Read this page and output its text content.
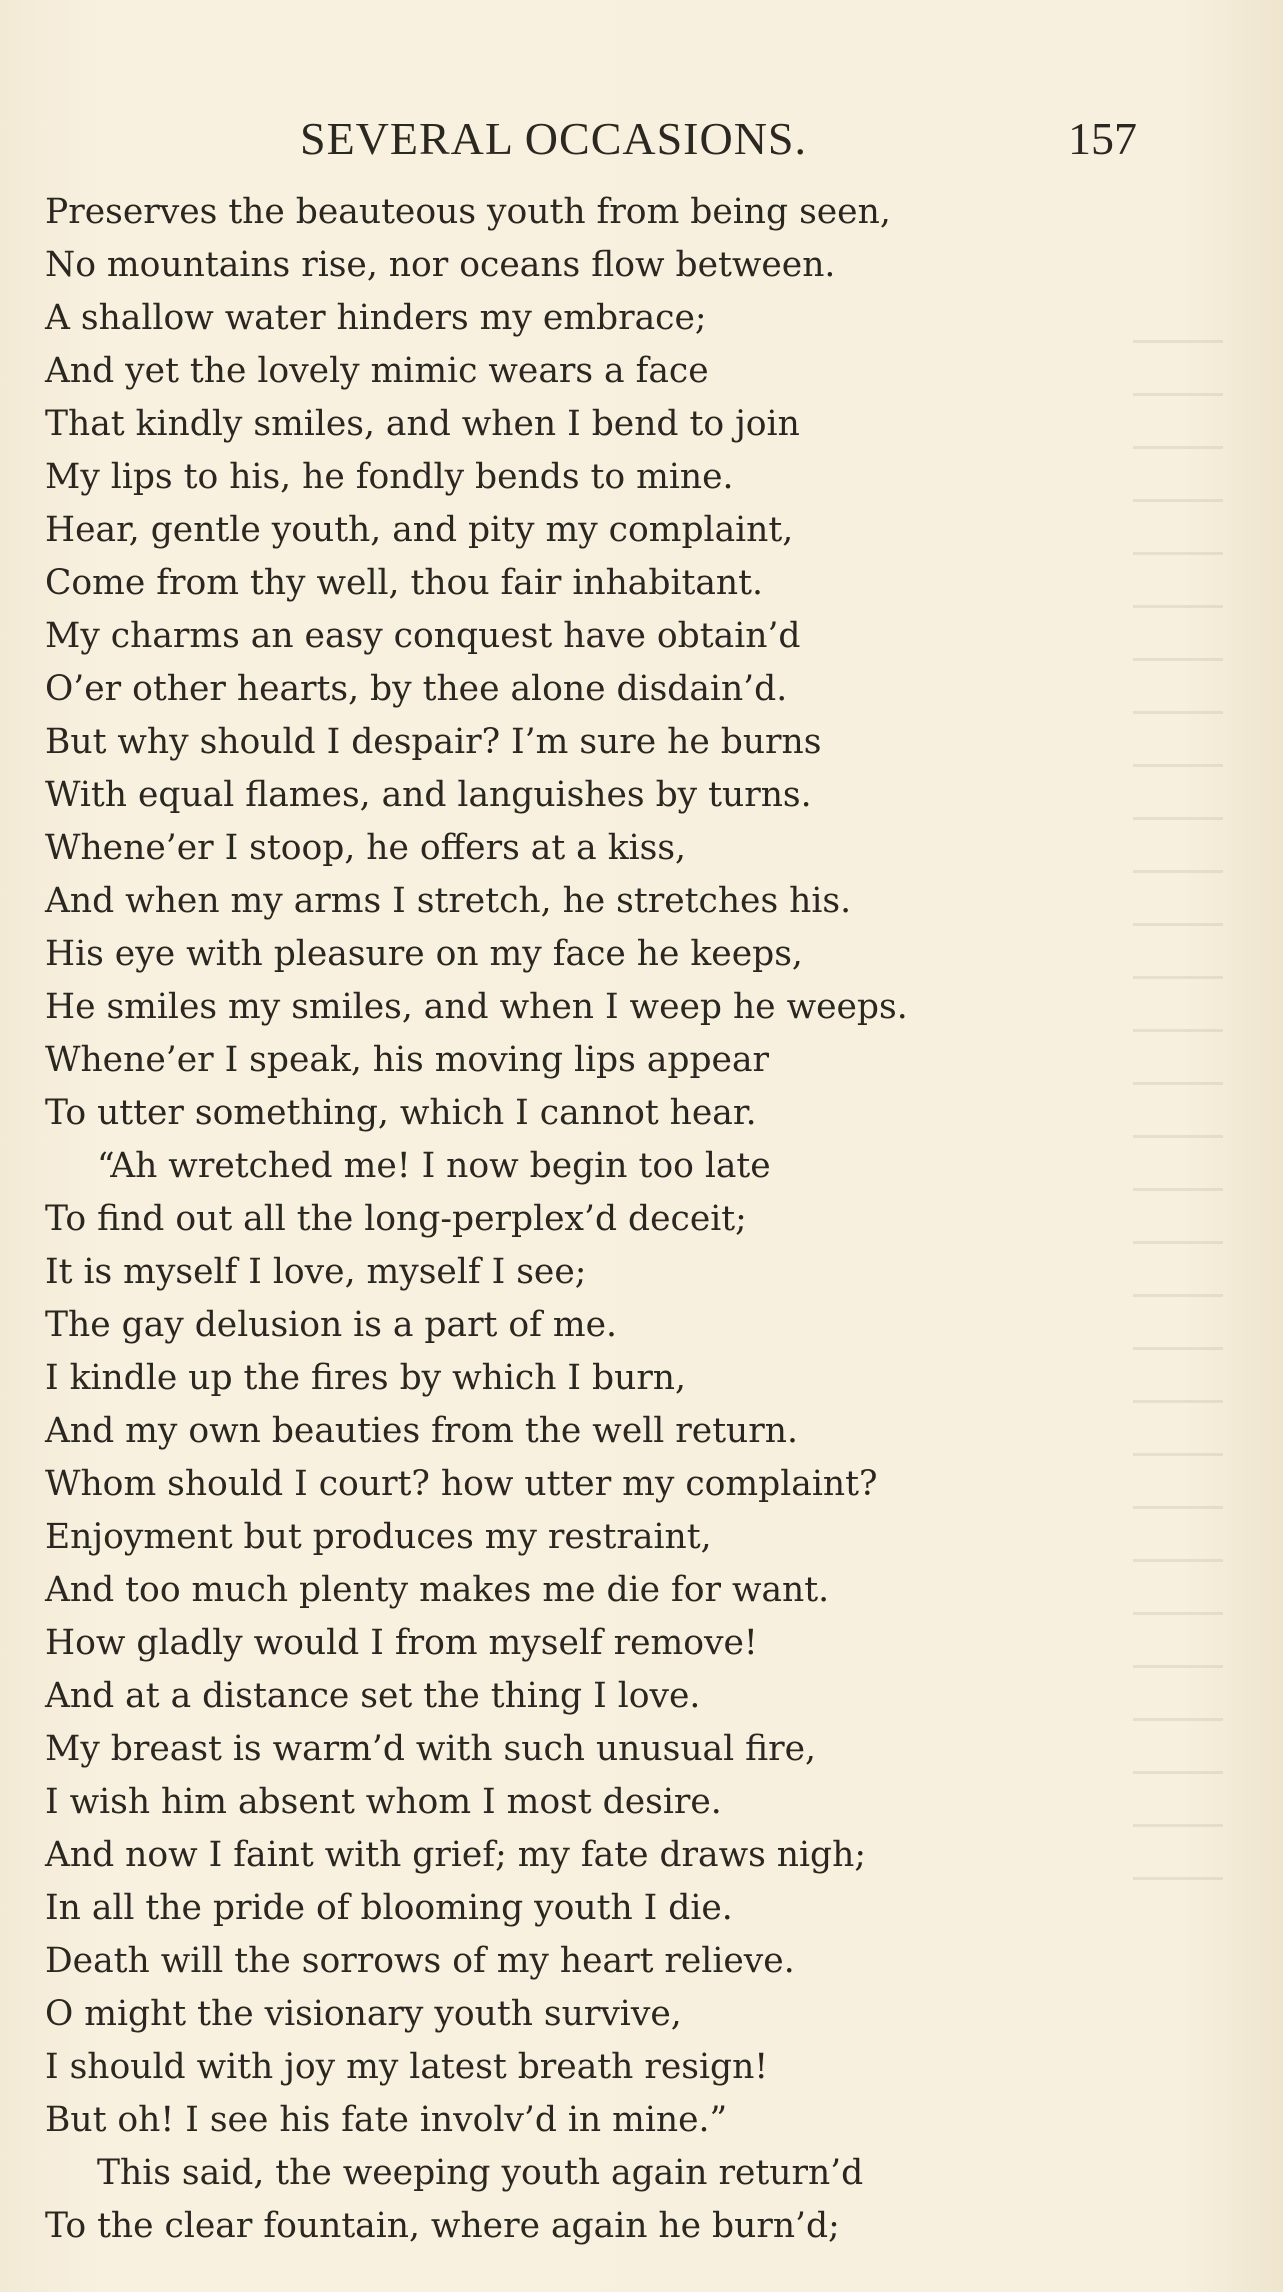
SEVERAL OCCASIONS.	157
Preserves the beauteous youth from being seen,
No mountains rise, nor oceans flow between.
A shallow water hinders my embrace;
And yet the lovely mimic wears a face
That kindly smiles, and when I bend to join
My lips to his, he fondly bends to mine.
Hear, gentle youth, and pity my complaint,
Come from thy well, thou fair inhabitant.
My charms an easy conquest have obtain’d
O’er other hearts, by thee alone disdain’d.
But why should I despair? I’m sure he burns
With equal flames, and languishes by turns.
Whene’er I stoop, he offers at a kiss,
And when my arms I stretch, he stretches his.
His eye with pleasure on my face he keeps,
He smiles my smiles, and when I weep he weeps.
Whene’er I speak, his moving lips appear
To utter something, which I cannot hear.
“Ah wretched me! I now begin too late
To find out all the long-perplex’d deceit;
It is myself I love, myself I see;
The gay delusion is a part of me.
I kindle up the fires by which I burn,
And my own beauties from the well return.
Whom should I court? how utter my complaint?
Enjoyment but produces my restraint,
And too much plenty makes me die for want.
How gladly would I from myself remove!
And at a distance set the thing I love.
My breast is warm’d with such unusual fire,
I wish him absent whom I most desire.
And now I faint with grief; my fate draws nigh;
In all the pride of blooming youth I die.
Death will the sorrows of my heart relieve.
O might the visionary youth survive,
I should with joy my latest breath resign!
But oh! I see his fate involv’d in mine.”
This said, the weeping youth again return’d
To the clear fountain, where again he burn’d;
